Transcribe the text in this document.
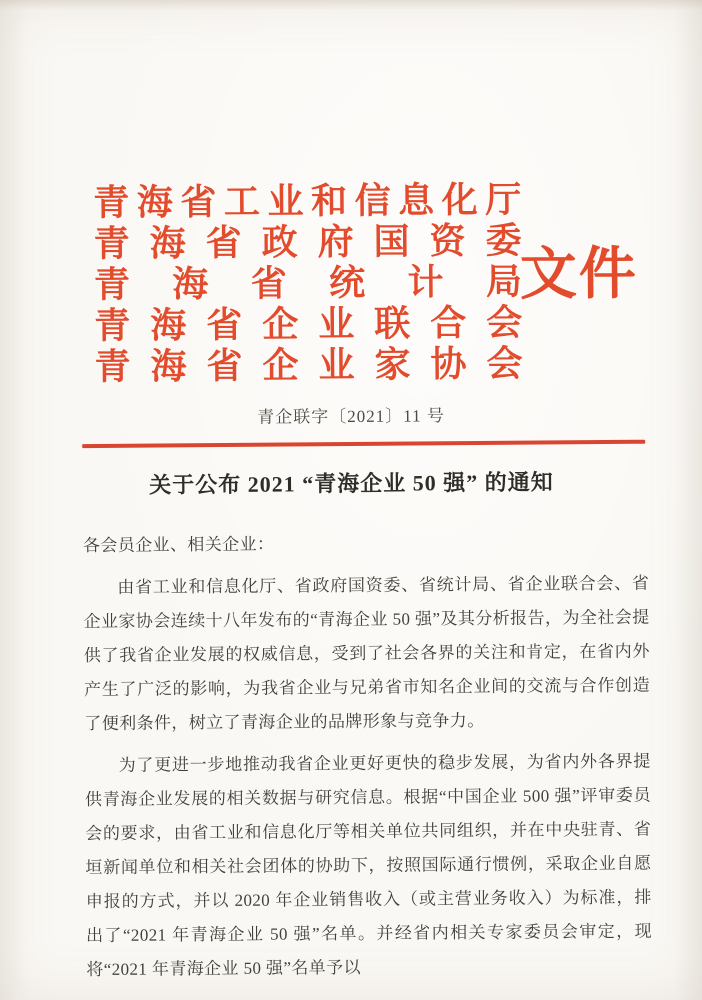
青海省工业和信息化厅
青海省政府国资委
青海省统计局
青海省企业联合会
青海省企业家协会
文件
青企联字〔2021〕11 号
关于公布 2021 “青海企业 50 强” 的通知

各会员企业、相关企业：

由省工业和信息化厅、省政府国资委、省统计局、省企业联合会、省企业家协会连续十八年发布的“青海企业 50 强”及其分析报告，为全社会提供了我省企业发展的权威信息，受到了社会各界的关注和肯定，在省内外产生了广泛的影响，为我省企业与兄弟省市知名企业间的交流与合作创造了便利条件，树立了青海企业的品牌形象与竞争力。

为了更进一步地推动我省企业更好更快的稳步发展，为省内外各界提供青海企业发展的相关数据与研究信息。根据“中国企业 500 强”评审委员会的要求，由省工业和信息化厅等相关单位共同组织，并在中央驻青、省垣新闻单位和相关社会团体的协助下，按照国际通行惯例，采取企业自愿申报的方式，并以 2020 年企业销售收入（或主营业务收入）为标准，排出了“2021 年青海企业 50 强”名单。并经省内相关专家委员会审定，现将“2021 年青海企业 50 强”名单予以
